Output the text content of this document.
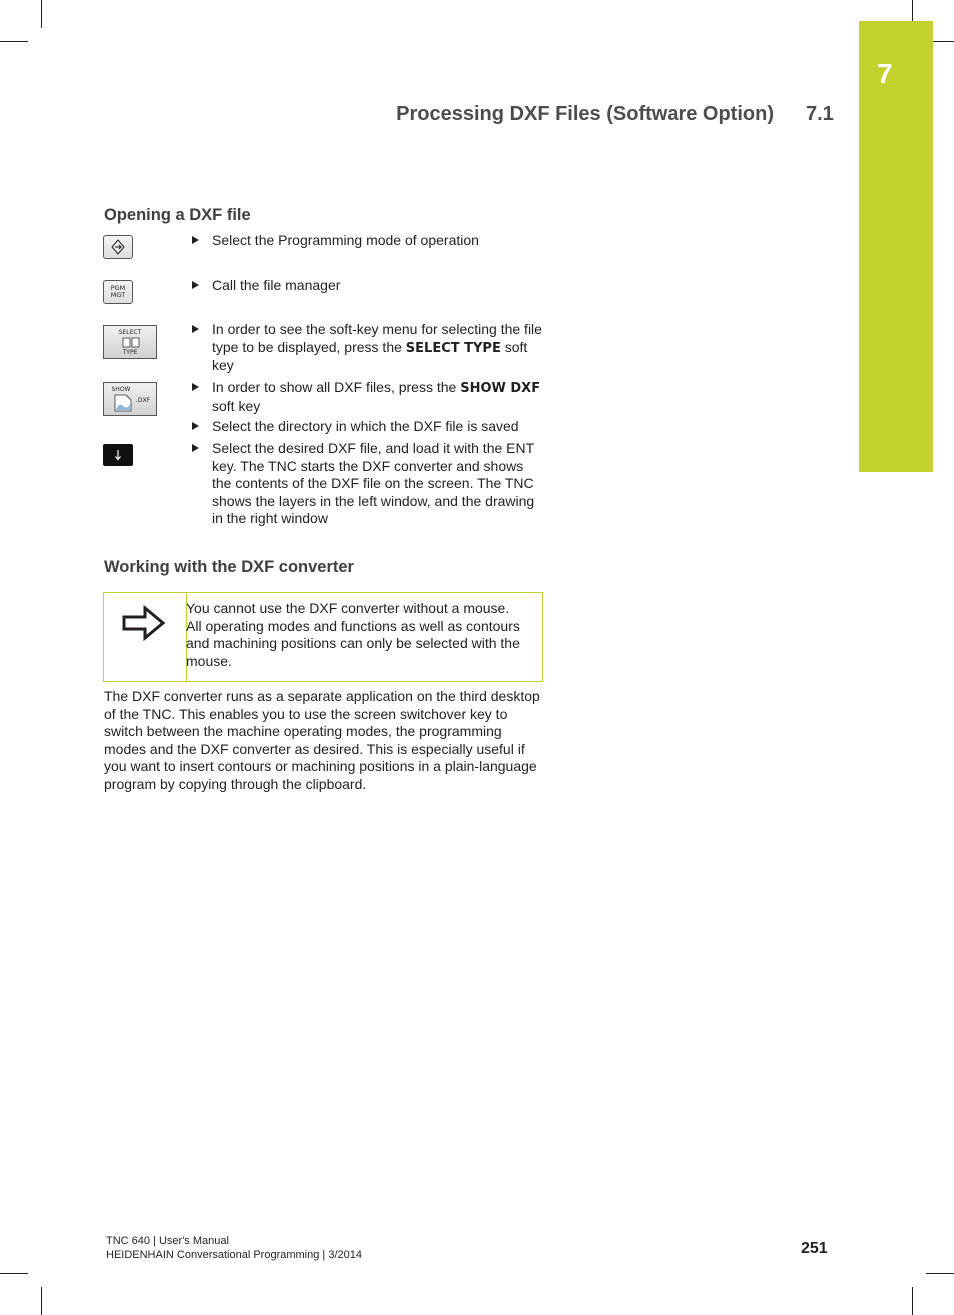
7
Processing DXF Files (Software Option) 7.1
Opening a DXF file
PGM MGT
SELECT
TYPE
SHOW
.DXF
Select the Programming mode of operation
Call the file manager
In order to see the soft-key menu for selecting the file type to be displayed, press the SELECT TYPE soft key
In order to show all DXF files, press the SHOW DXF soft key
Select the directory in which the DXF file is saved
Select the desired DXF file, and load it with the ENT key. The TNC starts the DXF converter and shows the contents of the DXF file on the screen. The TNC shows the layers in the left window, and the drawing in the right window
Working with the DXF converter
You cannot use the DXF converter without a mouse. All operating modes and functions as well as contours and machining positions can only be selected with the mouse.
The DXF converter runs as a separate application on the third desktop of the TNC. This enables you to use the screen switchover key to switch between the machine operating modes, the programming modes and the DXF converter as desired. This is especially useful if you want to insert contours or machining positions in a plain-language program by copying through the clipboard.
TNC 640 | User's Manual
HEIDENHAIN Conversational Programming | 3/2014	251
